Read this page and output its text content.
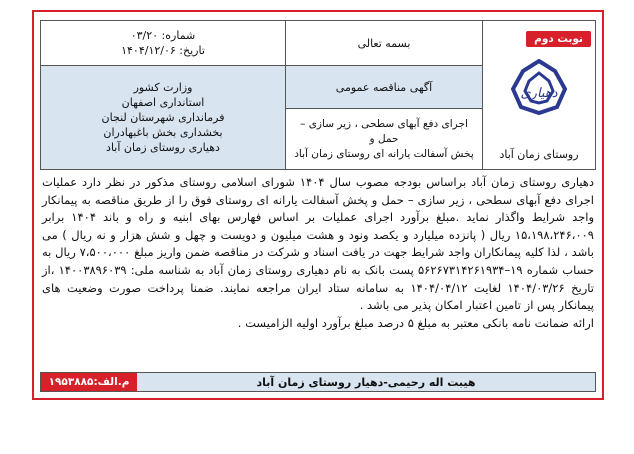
نوبت دوم
دهیاری
روستای زمان آباد
بسمه تعالی
آگهی مناقصه عمومی
اجرای دفع آبهای سطحی ، زیر سازی – حمل و
پخش آسفالت یارانه ای روستای زمان آباد
شماره: ۰۳/۲۰
تاریخ: ۱۴۰۴/۱۲/۰۶
وزارت کشور
استانداری اصفهان
فرمانداری شهرستان لنجان
بخشداری بخش باغبهادران
دهیاری روستای زمان آباد

دهیاری روستای زمان آباد براساس بودجه مصوب سال ۱۴۰۴ شورای اسلامی روستای مذکور در نظر دارد عملیات اجرای دفع آبهای سطحی ، زیر سازی – حمل و پخش آسفالت یارانه ای روستای فوق را از طریق مناقصه به پیمانکار واجد شرایط واگذار نماید .مبلغ برآورد اجرای عملیات بر اساس فهارس بهای ابنیه و راه و باند ۱۴۰۴ برابر ۱۵،۱۹۸،۲۴۶،۰۰۹ ریال ( پانزده میلیارد و یکصد ونود و هشت میلیون و دویست و چهل و شش هزار و نه ریال ) می باشد ، لذا کلیه پیمانکاران واجد شرایط جهت در یافت اسناد و شرکت در مناقصه ضمن واریز مبلغ ۷،۵۰۰،۰۰۰ ریال به حساب شماره ۱۹–۵۶۲۶۷۳۱۴۲۶۱۹۳۴ پست بانک به نام دهیاری روستای زمان آباد به شناسه ملی: ۱۴۰۰۳۸۹۶۰۳۹ ،از تاریخ ۱۴۰۴/۰۳/۲۶ لغایت ۱۴۰۴/۰۴/۱۲ به سامانه ستاد ایران مراجعه نمایند. ضمنا پرداخت صورت وضعیت های پیمانکار پس از تامین اعتبار امکان پذیر می باشد .

ارائه ضمانت نامه بانکی معتبر به مبلغ ۵ درصد مبلغ برآورد اولیه الزامیست .

هیبت اله رحیمی-دهیار روستای زمان آباد
م.الف:۱۹۵۳۸۸۵
